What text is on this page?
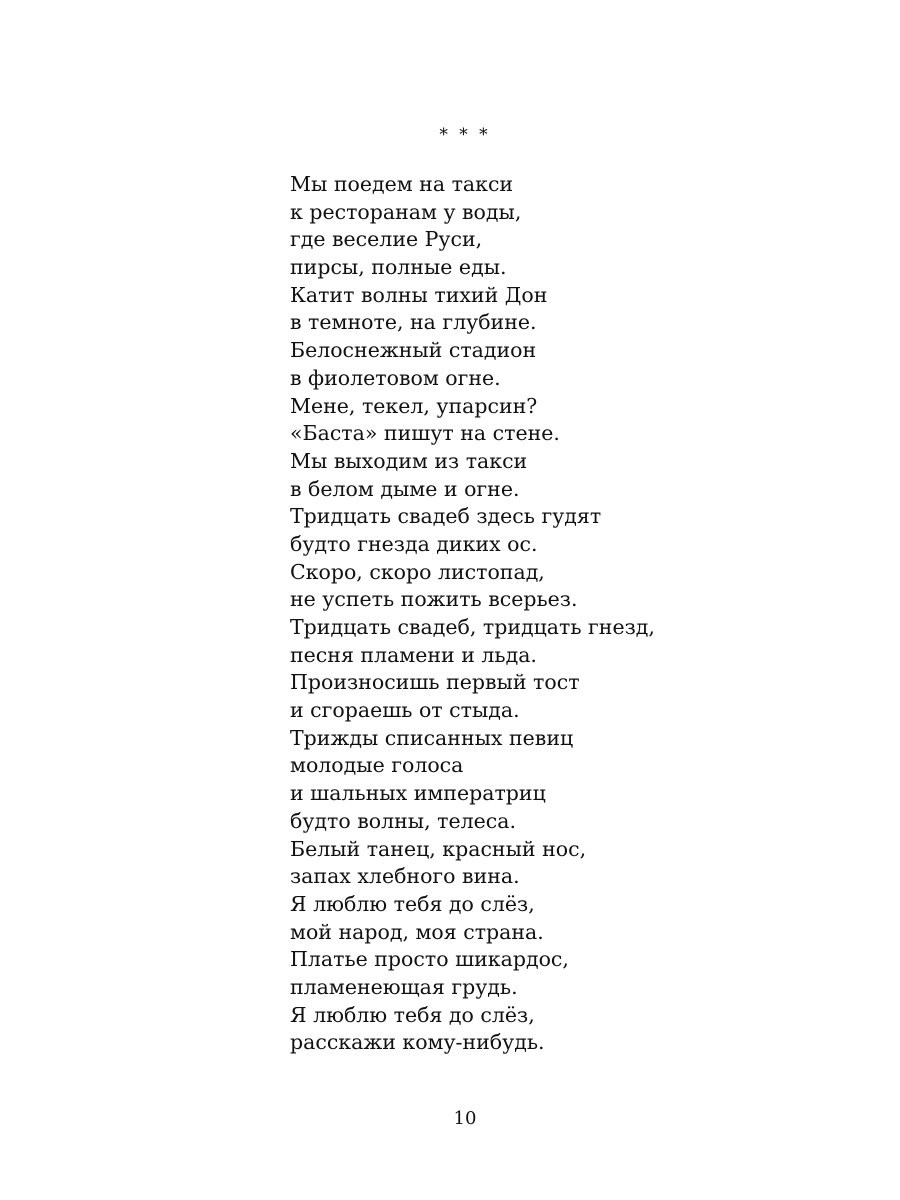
* * *
Мы поедем на такси
к ресторанам у воды,
где веселие Руси,
пирсы, полные еды.
Катит волны тихий Дон
в темноте, на глубине.
Белоснежный стадион
в фиолетовом огне.
Мене, текел, упарсин?
«Баста» пишут на стене.
Мы выходим из такси
в белом дыме и огне.
Тридцать свадеб здесь гудят
будто гнезда диких ос.
Скоро, скоро листопад,
не успеть пожить всерьез.
Тридцать свадеб, тридцать гнезд,
песня пламени и льда.
Произносишь первый тост
и сгораешь от стыда.
Трижды списанных певиц
молодые голоса
и шальных императриц
будто волны, телеса.
Белый танец, красный нос,
запах хлебного вина.
Я люблю тебя до слёз,
мой народ, моя страна.
Платье просто шикардос,
пламенеющая грудь.
Я люблю тебя до слёз,
расскажи кому-нибудь.
10
